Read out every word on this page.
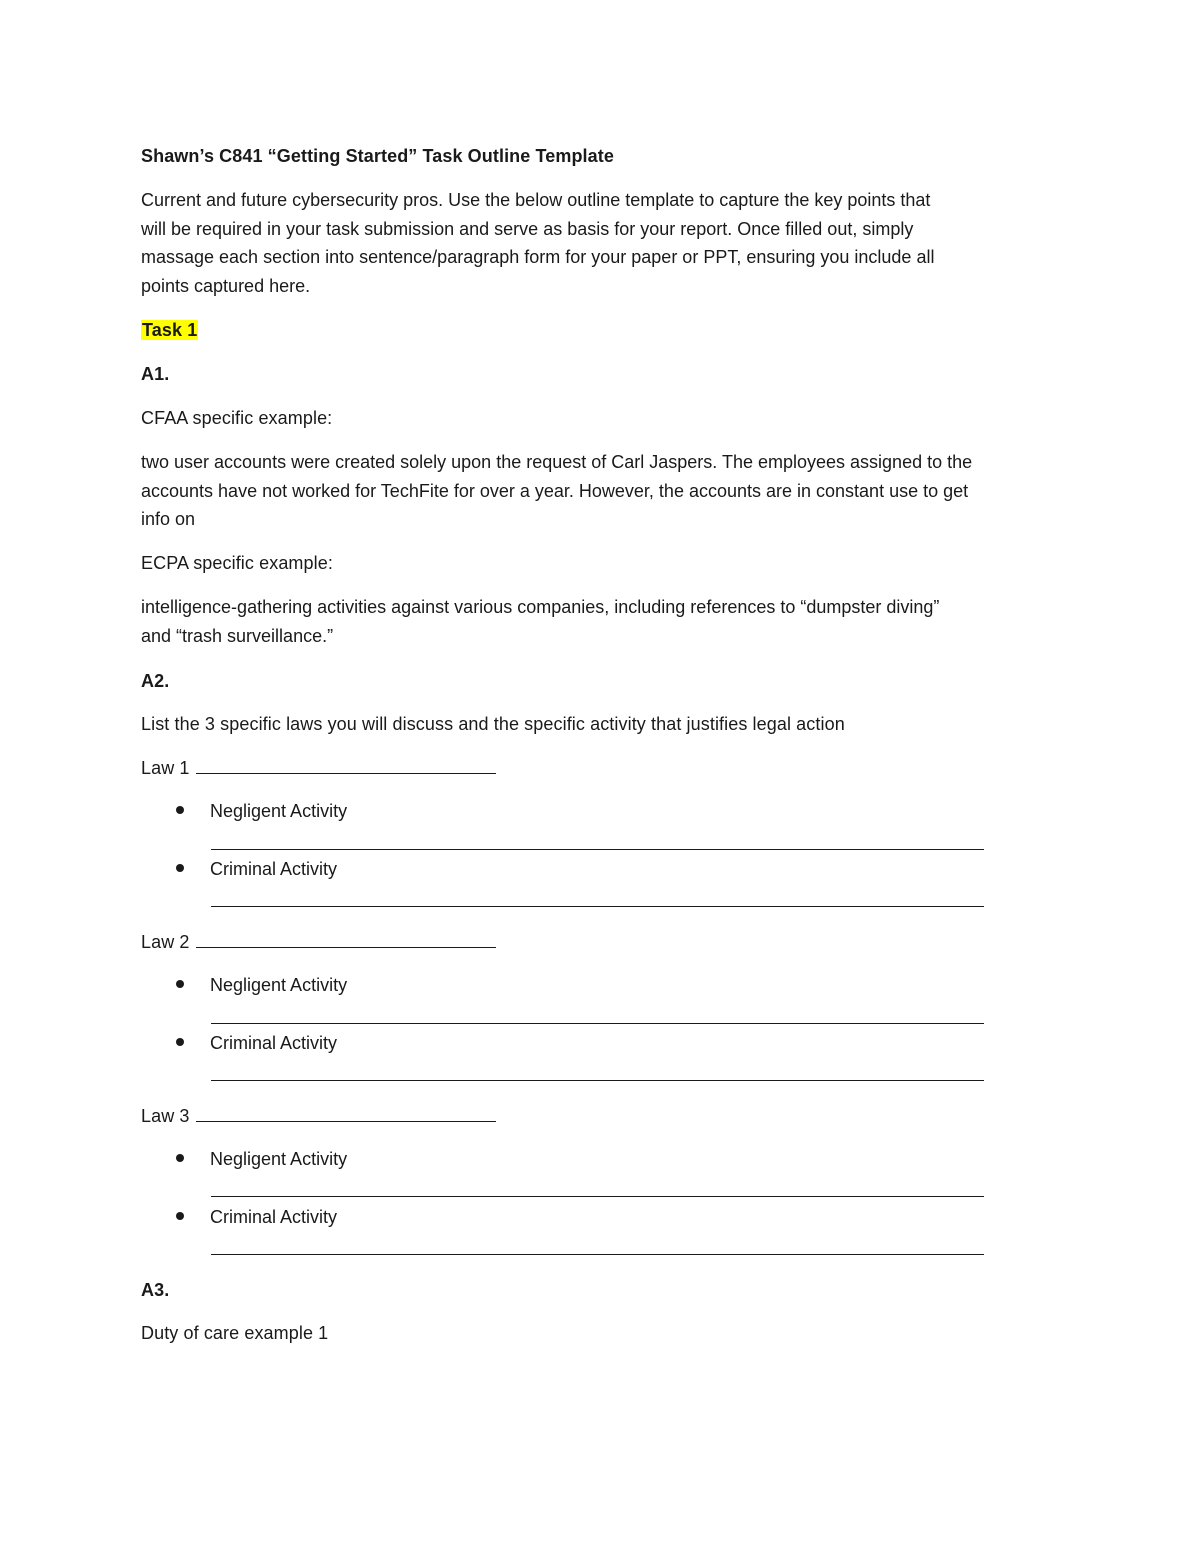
Shawn’s C841 “Getting Started” Task Outline Template
Current and future cybersecurity pros. Use the below outline template to capture the key points that
will be required in your task submission and serve as basis for your report. Once filled out, simply
massage each section into sentence/paragraph form for your paper or PPT, ensuring you include all
points captured here.
Task 1
A1.
CFAA specific example:
two user accounts were created solely upon the request of Carl Jaspers. The employees assigned to the
accounts have not worked for TechFite for over a year. However, the accounts are in constant use to get
info on
ECPA specific example:
intelligence-gathering activities against various companies, including references to “dumpster diving”
and “trash surveillance.”
A2.
List the 3 specific laws you will discuss and the specific activity that justifies legal action
Law 1
Negligent Activity
Criminal Activity
Law 2
Negligent Activity
Criminal Activity
Law 3
Negligent Activity
Criminal Activity
A3.
Duty of care example 1
